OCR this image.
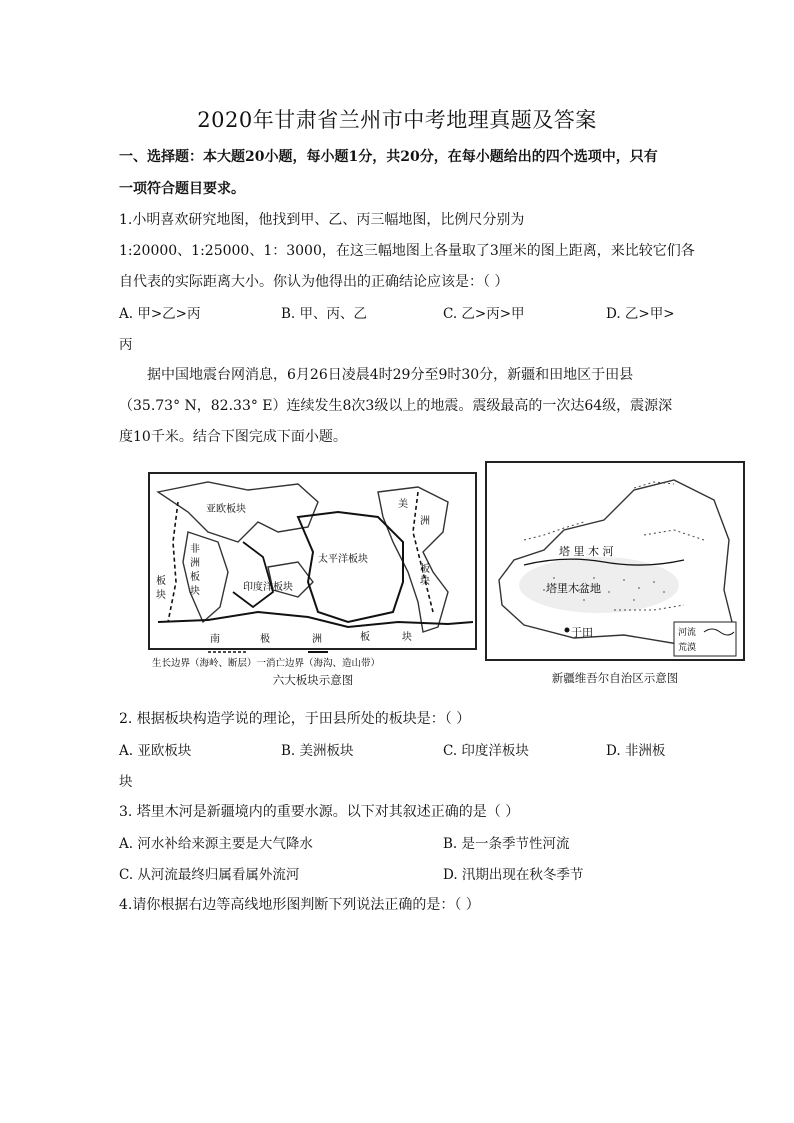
2020年甘肃省兰州市中考地理真题及答案
一、选择题：本大题20小题，每小题1分，共20分，在每小题给出的四个选项中，只有
一项符合题目要求。
1.小明喜欢研究地图，他找到甲、乙、丙三幅地图，比例尺分别为
1:20000、1:25000、1：3000，在这三幅地图上各量取了3厘米的图上距离，来比较它们各
自代表的实际距离大小。你认为他得出的正确结论应该是：（ ）
A. 甲>乙>丙	B. 甲、丙、乙	C. 乙>丙>甲	D. 乙>甲>
丙
据中国地震台网消息，6月26日凌晨4时29分至9时30分，新疆和田地区于田县
（35.73° N，82.33° E）连续发生8次3级以上的地震。震级最高的一次达64级，震源深
度10千米。结合下图完成下面小题。
亚欧板块
太平洋板块
印度洋板块
美
洲
板
块
非
洲
板
块
南	极	洲	板	块
板
块
生长边界（海岭、断层）一消亡边界（海沟、造山带）
六大板块示意图
塔 里 木 河
塔里木盆地
于田	河流
荒漠
新疆维吾尔自治区示意图
2. 根据板块构造学说的理论，于田县所处的板块是：（ ）
A. 亚欧板块	B. 美洲板块	C. 印度洋板块	D. 非洲板
块
3. 塔里木河是新疆境内的重要水源。以下对其叙述正确的是（ ）
A. 河水补给来源主要是大气降水	B. 是一条季节性河流
C. 从河流最终归属看属外流河	D. 汛期出现在秋冬季节
4.请你根据右边等高线地形图判断下列说法正确的是：（ ）
